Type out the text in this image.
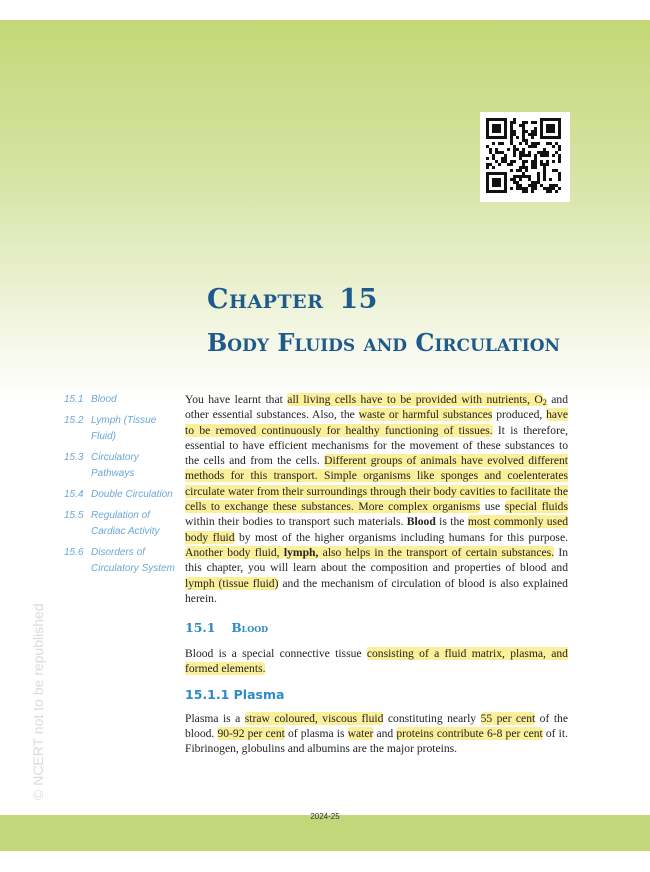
Chapter 15
Body Fluids and Circulation
15.1 Blood
15.2 Lymph (Tissue Fluid)
15.3 Circulatory Pathways
15.4 Double Circulation
15.5 Regulation of Cardiac Activity
15.6 Disorders of Circulatory System

You have learnt that all living cells have to be provided with nutrients, $O_2$ and other essential substances. Also, the waste or harmful substances produced, have to be removed continuously for healthy functioning of tissues. It is therefore, essential to have efficient mechanisms for the movement of these substances to the cells and from the cells. Different groups of animals have evolved different methods for this transport. Simple organisms like sponges and coelenterates circulate water from their surroundings through their body cavities to facilitate the cells to exchange these substances. More complex organisms use special fluids within their bodies to transport such materials. Blood is the most commonly used body fluid by most of the higher organisms including humans for this purpose. Another body fluid, lymph, also helps in the transport of certain substances. In this chapter, you will learn about the composition and properties of blood and lymph (tissue fluid) and the mechanism of circulation of blood is also explained herein.

15.1 Blood

Blood is a special connective tissue consisting of a fluid matrix, plasma, and formed elements.

15.1.1 Plasma

Plasma is a straw coloured, viscous fluid constituting nearly 55 per cent of the blood. 90-92 per cent of plasma is water and proteins contribute 6-8 per cent of it. Fibrinogen, globulins and albumins are the major proteins.

2024-25
© NCERT not to be republished
